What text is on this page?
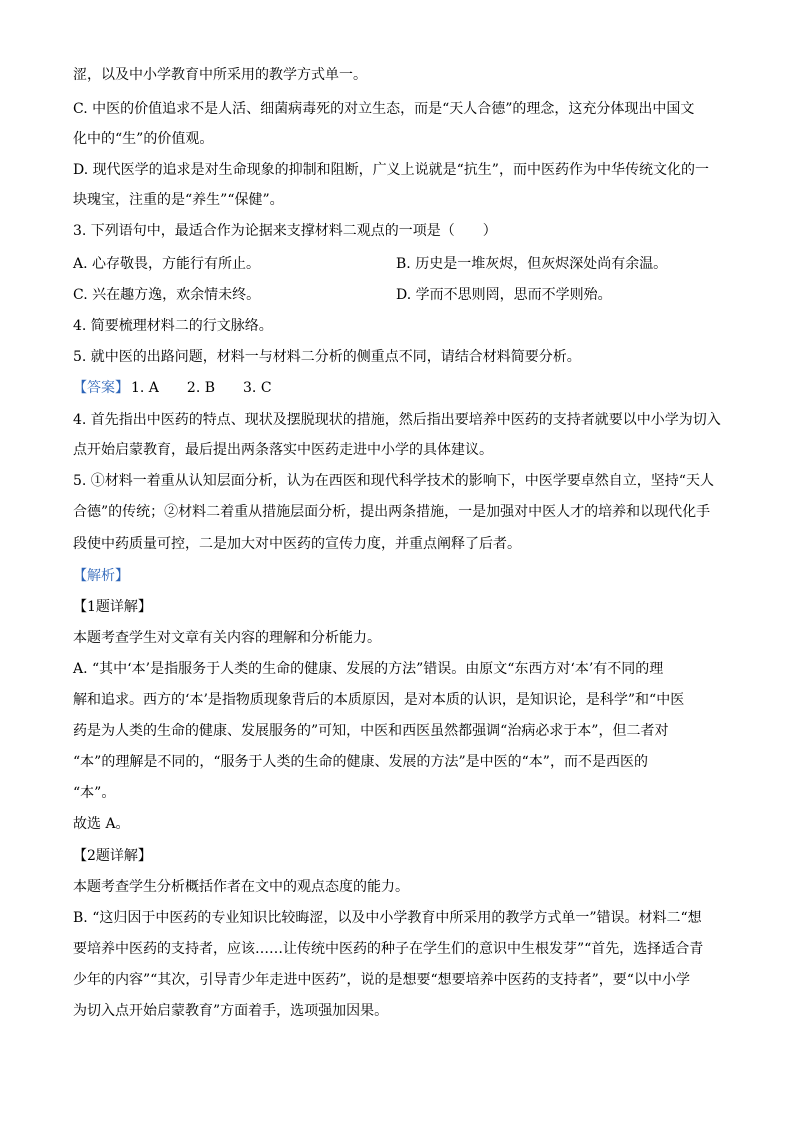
涩，以及中小学教育中所采用的教学方式单一。
C. 中医的价值追求不是人活、细菌病毒死的对立生态，而是“天人合德”的理念，这充分体现出中国文
化中的“生”的价值观。
D. 现代医学的追求是对生命现象的抑制和阻断，广义上说就是“抗生”，而中医药作为中华传统文化的一
块瑰宝，注重的是“养生”“保健”。
3. 下列语句中，最适合作为论据来支撑材料二观点的一项是（　　）
A. 心存敬畏，方能行有所止。	B. 历史是一堆灰烬，但灰烬深处尚有余温。
C. 兴在趣方逸，欢余情未终。	D. 学而不思则罔，思而不学则殆。
4. 简要梳理材料二的行文脉络。
5. 就中医的出路问题，材料一与材料二分析的侧重点不同，请结合材料简要分析。
【答案】 1. A　　2. B　　3. C
4. 首先指出中医药的特点、现状及摆脱现状的措施，然后指出要培养中医药的支持者就要以中小学为切入
点开始启蒙教育，最后提出两条落实中医药走进中小学的具体建议。
5. ①材料一着重从认知层面分析，认为在西医和现代科学技术的影响下，中医学要卓然自立，坚持“天人
合德”的传统；②材料二着重从措施层面分析，提出两条措施，一是加强对中医人才的培养和以现代化手
段使中药质量可控，二是加大对中医药的宣传力度，并重点阐释了后者。
【解析】
【1题详解】
本题考查学生对文章有关内容的理解和分析能力。
A. “其中‘本’是指服务于人类的生命的健康、发展的方法”错误。由原文“东西方对‘本’有不同的理
解和追求。西方的‘本’是指物质现象背后的本质原因，是对本质的认识，是知识论，是科学”和“中医
药是为人类的生命的健康、发展服务的”可知，中医和西医虽然都强调“治病必求于本”，但二者对
“本”的理解是不同的，“服务于人类的生命的健康、发展的方法”是中医的“本”，而不是西医的
“本”。
故选 A。
【2题详解】
本题考查学生分析概括作者在文中的观点态度的能力。
B. “这归因于中医药的专业知识比较晦涩，以及中小学教育中所采用的教学方式单一”错误。材料二“想
要培养中医药的支持者，应该……让传统中医药的种子在学生们的意识中生根发芽”“首先，选择适合青
少年的内容”“其次，引导青少年走进中医药”，说的是想要“想要培养中医药的支持者”，要“以中小学
为切入点开始启蒙教育”方面着手，选项强加因果。
